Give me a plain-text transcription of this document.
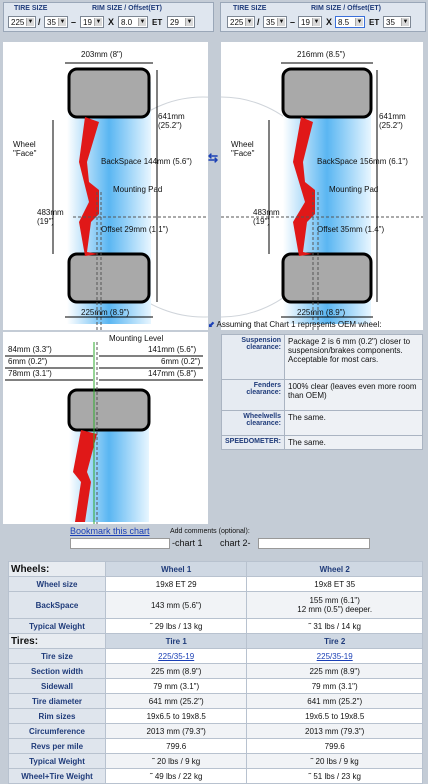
TIRE SIZE	RIM SIZE / Offset(ET)
225 ▼ / 35 ▼ – 19 ▼ X 8.0 ▼ ET 29 ▼
TIRE SIZE	RIM SIZE / Offset(ET)
225 ▼ / 35 ▼ – 19 ▼ X 8.5 ▼ ET 35 ▼
203mm (8")
641mm (25.2")
Wheel "Face"
BackSpace 144mm (5.6")
Mounting Pad
483mm (19")
Offset 29mm (1.1")
225mm (8.9")
⇆
216mm (8.5")
641mm (25.2")
Wheel "Face"
BackSpace 156mm (6.1")
Mounting Pad
483mm (19")
Offset 35mm (1.4")
225mm (8.9")
Mounting Level
84mm (3.3")
6mm (0.2")
78mm (3.1")
141mm (5.6")
6mm (0.2")
147mm (5.8")
⬋ Assuming that Chart 1 represents OEM wheel:
Suspension clearance:	Package 2 is 6 mm (0.2") closer to suspension/brakes components. Acceptable for most cars.
Fenders clearance:	100% clear (leaves even more room than OEM)
Wheelwells clearance:	The same.
SPEEDOMETER:	The same.
Bookmark this chart	Add comments (optional):
-chart 1 chart 2-
Wheels:	Wheel 1	Wheel 2
Wheel size	19x8 ET 29	19x8 ET 35
BackSpace	143 mm (5.6")	155 mm (6.1")
12 mm (0.5") deeper.
Typical Weight	˜ 29 lbs / 13 kg	˜ 31 lbs / 14 kg
Tires:	Tire 1	Tire 2
Tire size	225/35-19	225/35-19
Section width	225 mm (8.9")	225 mm (8.9")
Sidewall	79 mm (3.1")	79 mm (3.1")
Tire diameter	641 mm (25.2")	641 mm (25.2")
Rim sizes	19x6.5 to 19x8.5	19x6.5 to 19x8.5
Circumference	2013 mm (79.3")	2013 mm (79.3")
Revs per mile	799.6	799.6
Typical Weight	˜ 20 lbs / 9 kg	˜ 20 lbs / 9 kg
Wheel+Tire Weight	˜ 49 lbs / 22 kg	˜ 51 lbs / 23 kg
